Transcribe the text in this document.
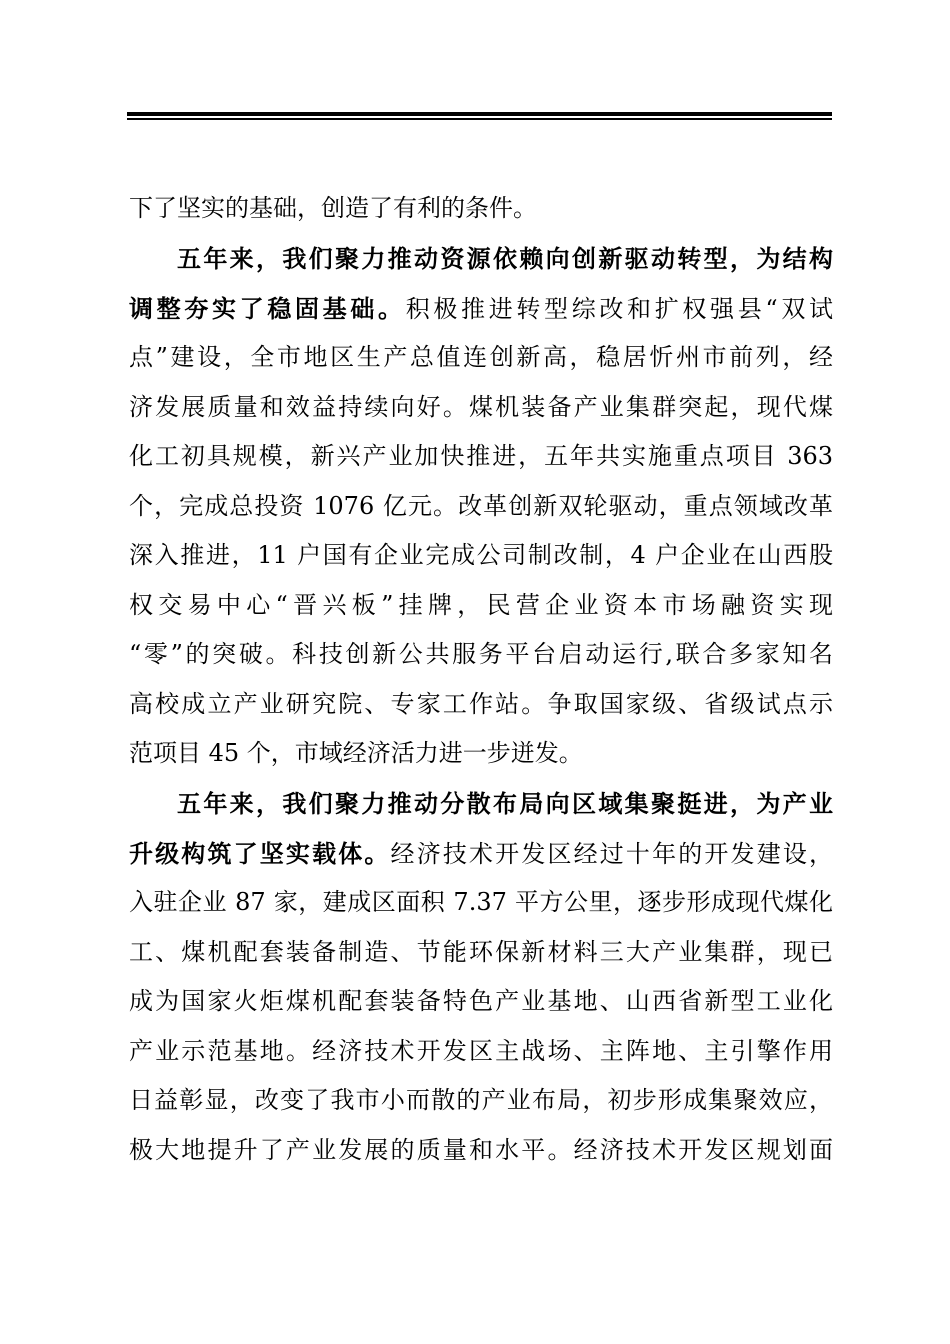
下了坚实的基础，创造了有利的条件。
五年来，我们聚力推动资源依赖向创新驱动转型，为结构
调整夯实了稳固基础。积极推进转型综改和扩权强县“双试
点”建设，全市地区生产总值连创新高，稳居忻州市前列，经
济发展质量和效益持续向好。煤机装备产业集群突起，现代煤
化工初具规模，新兴产业加快推进，五年共实施重点项目 363
个，完成总投资 1076 亿元。改革创新双轮驱动，重点领域改革
深入推进，11 户国有企业完成公司制改制，4 户企业在山西股
权交易中心“晋兴板”挂牌，民营企业资本市场融资实现
“零”的突破。科技创新公共服务平台启动运行,联合多家知名
高校成立产业研究院、专家工作站。争取国家级、省级试点示
范项目 45 个，市域经济活力进一步迸发。
五年来，我们聚力推动分散布局向区域集聚挺进，为产业
升级构筑了坚实载体。经济技术开发区经过十年的开发建设，
入驻企业 87 家，建成区面积 7.37 平方公里，逐步形成现代煤化
工、煤机配套装备制造、节能环保新材料三大产业集群，现已
成为国家火炬煤机配套装备特色产业基地、山西省新型工业化
产业示范基地。经济技术开发区主战场、主阵地、主引擎作用
日益彰显，改变了我市小而散的产业布局，初步形成集聚效应，
极大地提升了产业发展的质量和水平。经济技术开发区规划面
